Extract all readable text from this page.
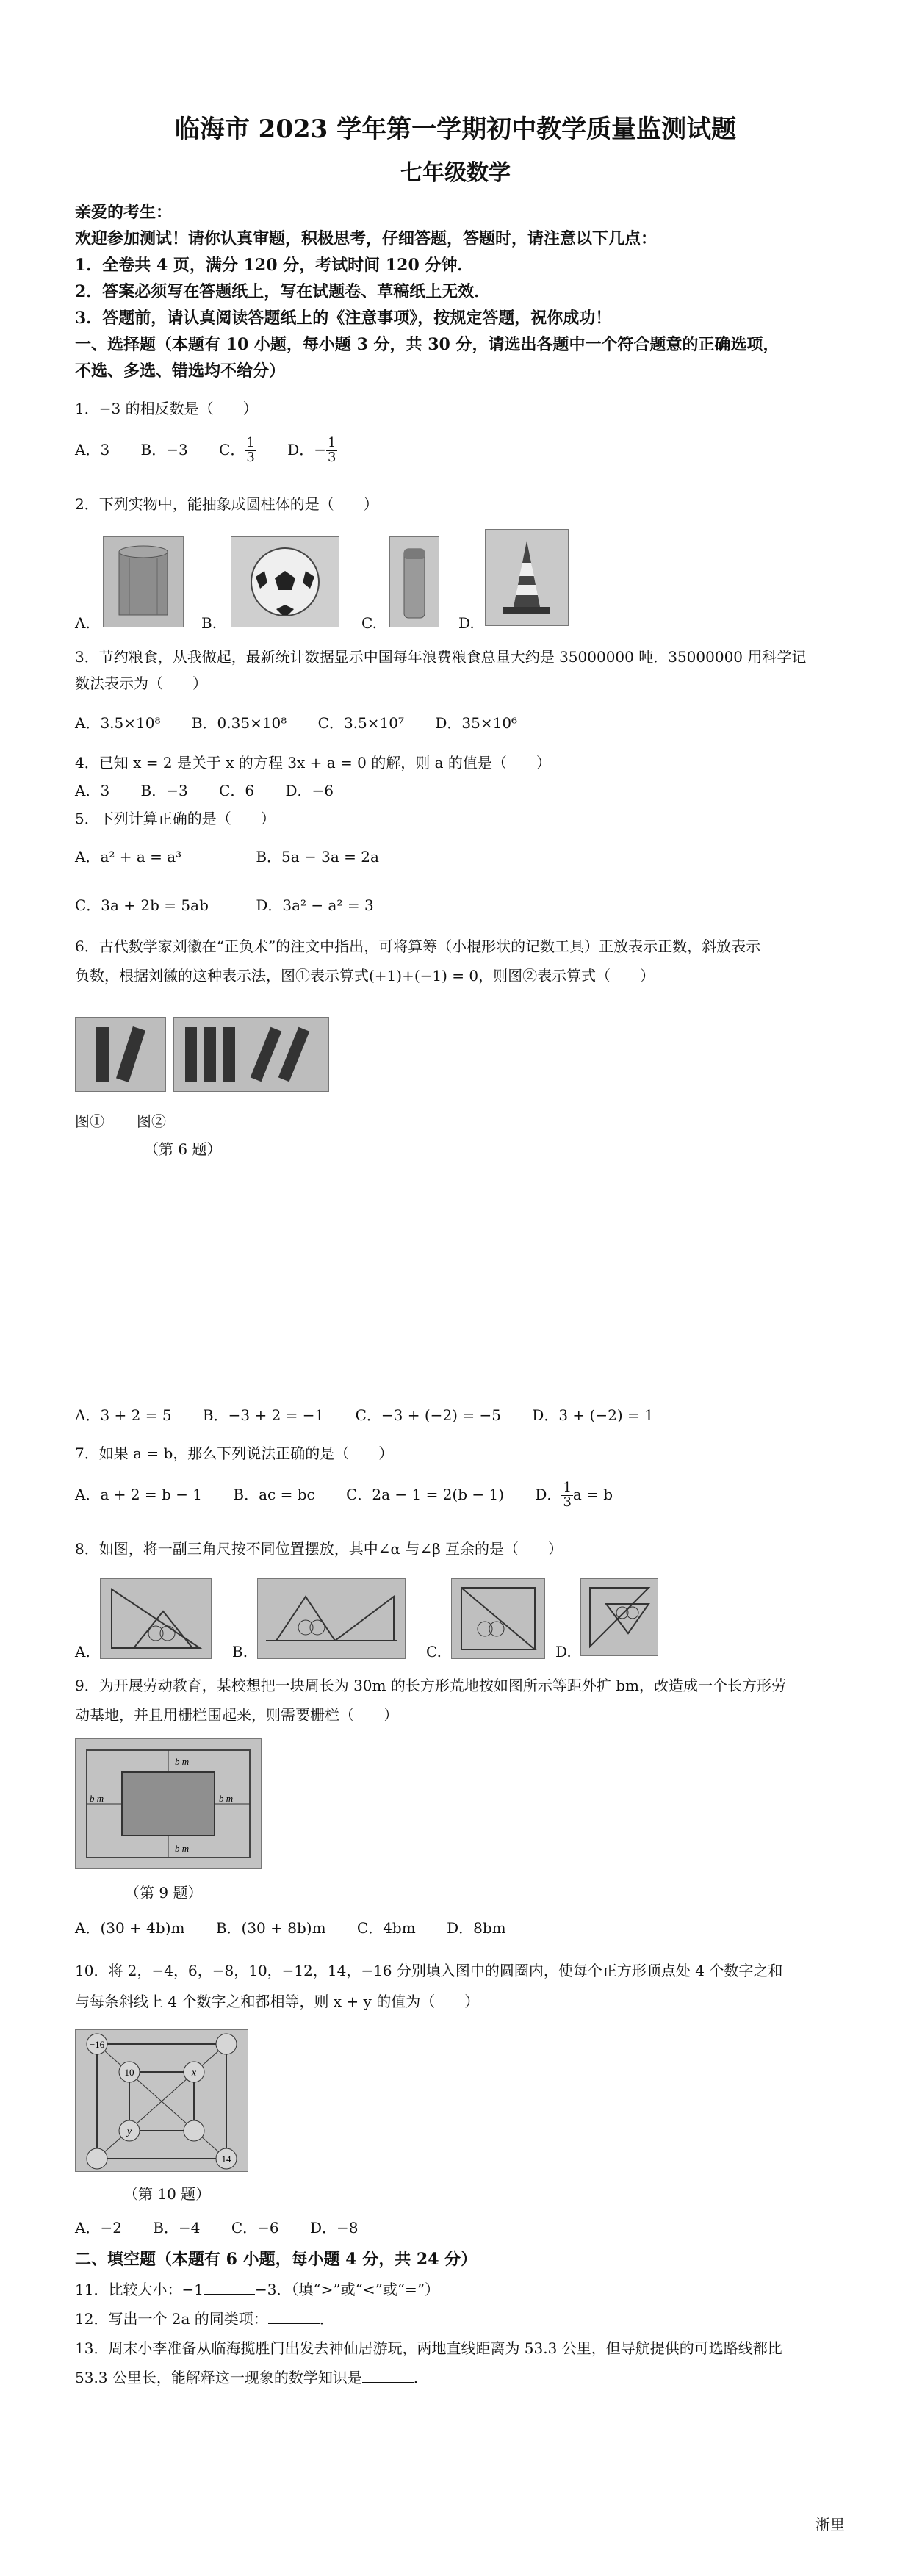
临海市 2023 学年第一学期初中教学质量监测试题
七年级数学
亲爱的考生：
欢迎参加测试！请你认真审题，积极思考，仔细答题，答题时，请注意以下几点：
1．全卷共 4 页，满分 120 分，考试时间 120 分钟．
2．答案必须写在答题纸上，写在试题卷、草稿纸上无效．
3．答题前，请认真阅读答题纸上的《注意事项》，按规定答题，祝你成功！
一、选择题（本题有 10 小题，每小题 3 分，共 30 分，请选出各题中一个符合题意的正确选项，
不选、多选、错选均不给分）
1．−3 的相反数是（　　）
A．3 B．−3 C． $\frac{1}{3}$ D．− $\frac{1}{3}$
2．下列实物中，能抽象成圆柱体的是（　　）
A.	B.	C.	D.
3．节约粮食，从我做起，最新统计数据显示中国每年浪费粮食总量大约是 35000000 吨．35000000 用科学记
数法表示为（　　）
A．3.5×10⁸ B．0.35×10⁸ C．3.5×10⁷ D．35×10⁶
4．已知 x = 2 是关于 x 的方程 3x + a = 0 的解，则 a 的值是（　　）
A．3 B．−3 C．6 D．−6
5．下列计算正确的是（　　）
A．a² + a = a³	B．5a − 3a = 2a
C．3a + 2b = 5ab	D．3a² − a² = 3
6．古代数学家刘徽在“正负术”的注文中指出，可将算筹（小棍形状的记数工具）正放表示正数，斜放表示
负数，根据刘徽的这种表示法，图①表示算式(+1)+(−1) = 0，则图②表示算式（　　）
图① 图②
（第 6 题）
A．3 + 2 = 5 B．−3 + 2 = −1 C．−3 + (−2) = −5 D．3 + (−2) = 1
7．如果 a = b，那么下列说法正确的是（　　）
A．a + 2 = b − 1 B．ac = bc C．2a − 1 = 2(b − 1) D． $\frac{1}{3}$ a = b
8．如图，将一副三角尺按不同位置摆放，其中∠α 与∠β 互余的是（　　）
A.	B.	C.	D.
9．为开展劳动教育，某校想把一块周长为 30m 的长方形荒地按如图所示等距外扩 bm，改造成一个长方形劳
动基地，并且用栅栏围起来，则需要栅栏（　　）
b m
b m
b m	b m
（第 9 题）
A．(30 + 4b)m B．(30 + 8b)m C．4bm D．8bm
10．将 2，−4，6，−8，10，−12，14，−16 分别填入图中的圆圈内，使每个正方形顶点处 4 个数字之和
与每条斜线上 4 个数字之和都相等，则 x + y 的值为（　　）
−16
10	x
y
14
（第 10 题）
A．−2 B．−4 C．−6 D．−8
二、填空题（本题有 6 小题，每小题 4 分，共 24 分）
11．比较大小：−1	−3．（填“>”或“<”或“=”）
12．写出一个 2a 的同类项：	．
13．周末小李准备从临海揽胜门出发去神仙居游玩，两地直线距离为 53.3 公里，但导航提供的可选路线都比
53.3 公里长，能解释这一现象的数学知识是	．
浙里
